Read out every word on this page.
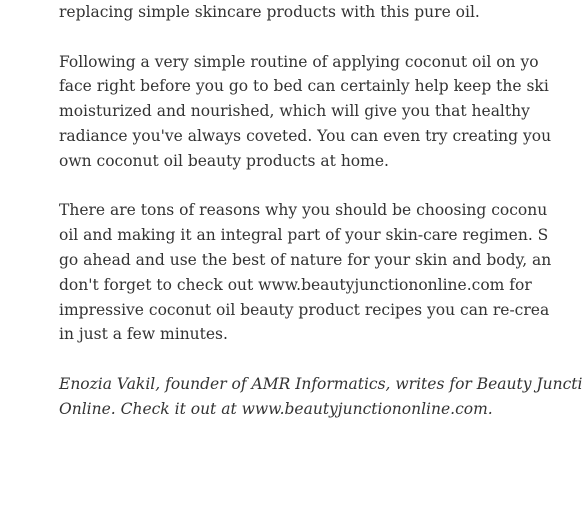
replacing simple skincare products with this pure oil.

Following a very simple routine of applying coconut oil on yo
face right before you go to bed can certainly help keep the ski
moisturized and nourished, which will give you that healthy
radiance you've always coveted. You can even try creating you
own coconut oil beauty products at home.

There are tons of reasons why you should be choosing coconu
oil and making it an integral part of your skin-care regimen. S
go ahead and use the best of nature for your skin and body, an
don't forget to check out www.beautyjunctiononline.com for
impressive coconut oil beauty product recipes you can re-crea
in just a few minutes.

Enozia Vakil, founder of AMR Informatics, writes for Beauty Juncti
Online. Check it out at www.beautyjunctiononline.com.
